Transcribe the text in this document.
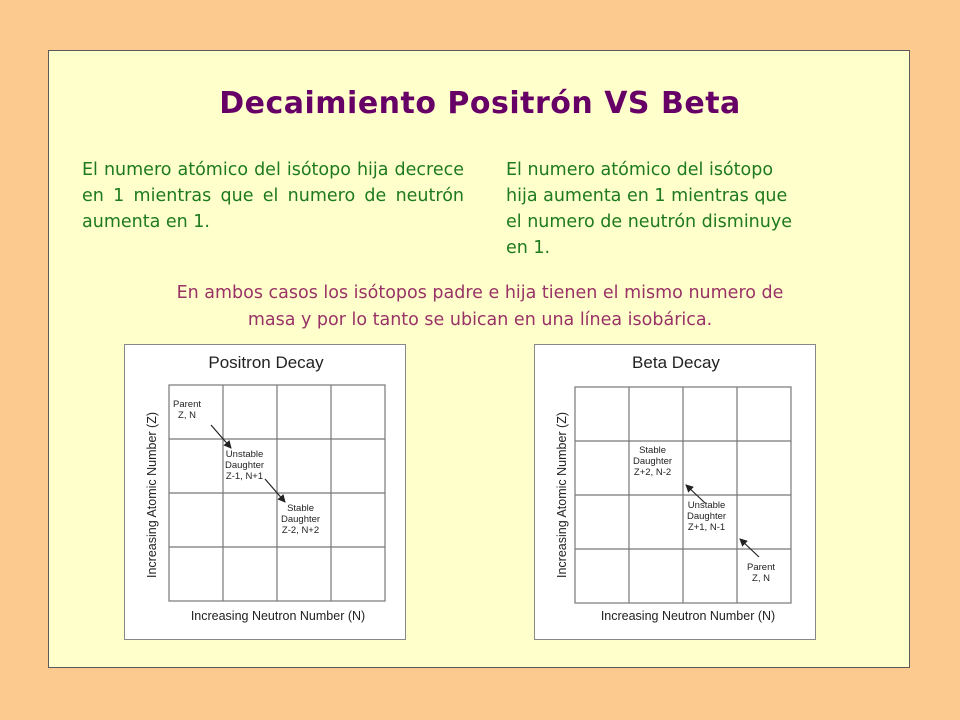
Decaimiento Positrón VS Beta
El numero atómico del isótopo hija decrece en 1 mientras que el numero de neutrón aumenta en 1.
El numero atómico del isótopo
hija aumenta en 1 mientras que
el numero de neutrón disminuye
en 1.
En ambos casos los isótopos padre e hija tienen el mismo numero de
masa y por lo tanto se ubican en una línea isobárica.
Positron Decay
Increasing Atomic Number (Z)
Increasing Neutron Number (N)
Parent
Z, N
Unstable
Daughter
Z-1, N+1
Stable
Daughter
Z-2, N+2
Beta Decay
Increasing Atomic Number (Z)
Increasing Neutron Number (N)
Stable
Daughter
Z+2, N-2
Unstable
Daughter
Z+1, N-1
Parent
Z, N
